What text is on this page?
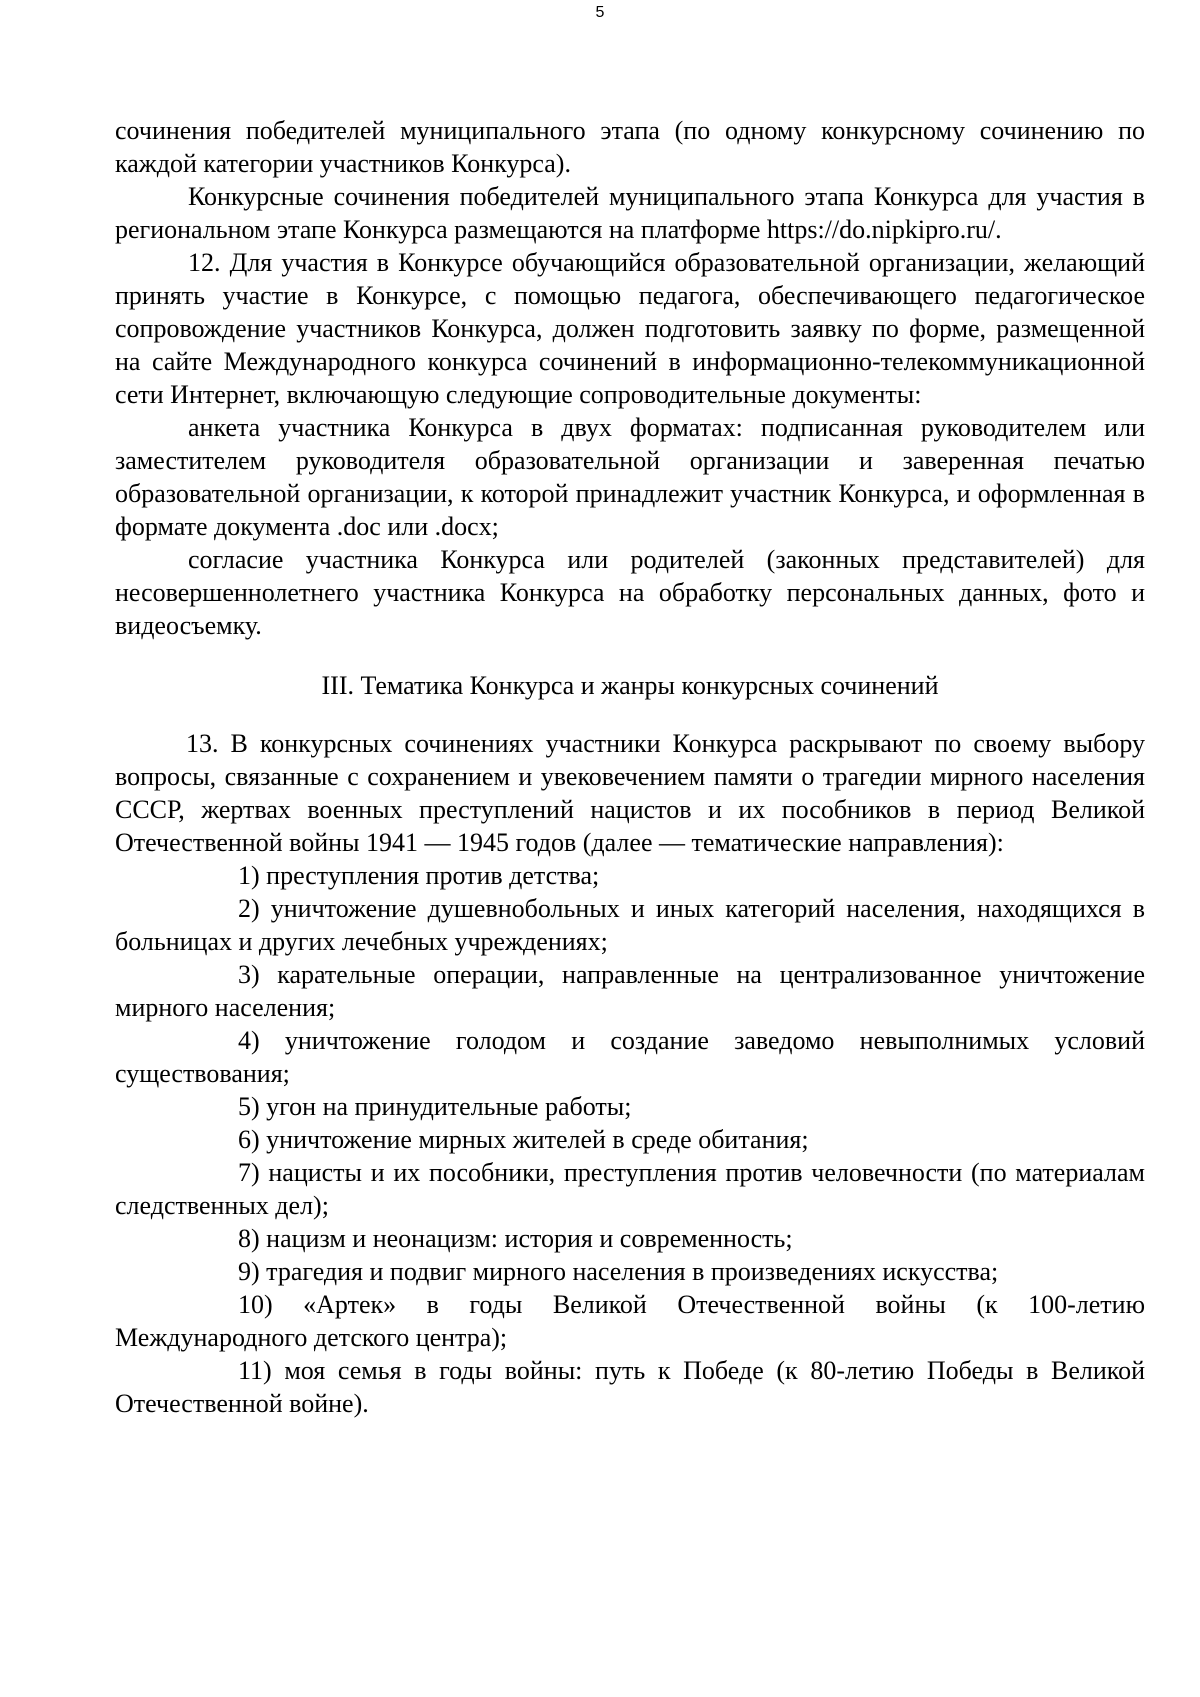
5

сочинения победителей муниципального этапа (по одному конкурсному сочинению по каждой категории участников Конкурса).

Конкурсные сочинения победителей муниципального этапа Конкурса для участия в региональном этапе Конкурса размещаются на платформе https://do.nipkipro.ru/.

12. Для участия в Конкурсе обучающийся образовательной организации, желающий принять участие в Конкурсе, с помощью педагога, обеспечивающего педагогическое сопровождение участников Конкурса, должен подготовить заявку по форме, размещенной на сайте Международного конкурса сочинений в информационно-телекоммуникационной сети Интернет, включающую следующие сопроводительные документы:

анкета участника Конкурса в двух форматах: подписанная руководителем или заместителем руководителя образовательной организации и заверенная печатью образовательной организации, к которой принадлежит участник Конкурса, и оформленная в формате документа .doc или .docx;

согласие участника Конкурса или родителей (законных представителей) для несовершеннолетнего участника Конкурса на обработку персональных данных, фото и видеосъемку.

III. Тематика Конкурса и жанры конкурсных сочинений

13. В конкурсных сочинениях участники Конкурса раскрывают по своему выбору вопросы, связанные с сохранением и увековечением памяти о трагедии мирного населения СССР, жертвах военных преступлений нацистов и их пособников в период Великой Отечественной войны 1941 — 1945 годов (далее — тематические направления):

1) преступления против детства;

2) уничтожение душевнобольных и иных категорий населения, находящихся в больницах и других лечебных учреждениях;

3) карательные операции, направленные на централизованное уничтожение мирного населения;

4) уничтожение голодом и создание заведомо невыполнимых условий существования;

5) угон на принудительные работы;

6) уничтожение мирных жителей в среде обитания;

7) нацисты и их пособники, преступления против человечности (по материалам следственных дел);

8) нацизм и неонацизм: история и современность;

9) трагедия и подвиг мирного населения в произведениях искусства;

10) «Артек» в годы Великой Отечественной войны (к 100-летию Международного детского центра);

11) моя семья в годы войны: путь к Победе (к 80-летию Победы в Великой Отечественной войне).
